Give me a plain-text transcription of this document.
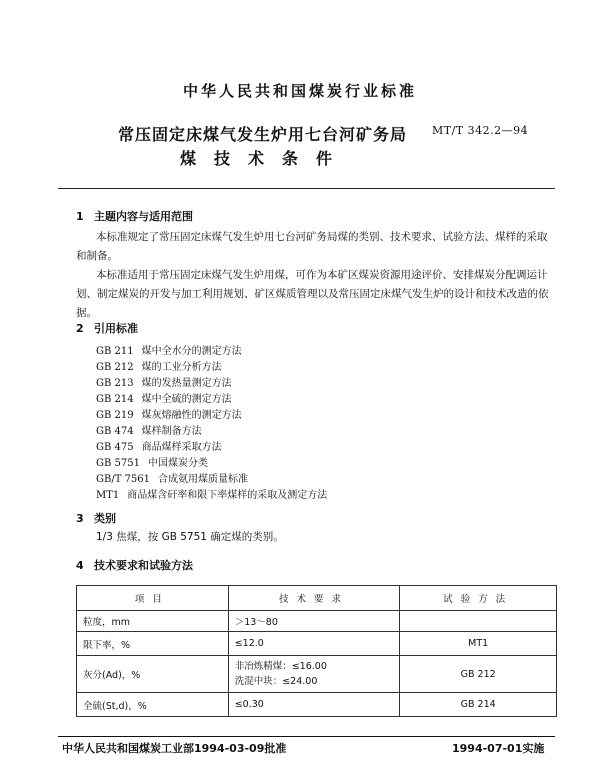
中华人民共和国煤炭行业标准
常压固定床煤气发生炉用七台河矿务局
煤技术条件
MT/T 342.2—94
1 主题内容与适用范围
本标准规定了常压固定床煤气发生炉用七台河矿务局煤的类别、技术要求、试验方法、煤样的采取和制备。
本标准适用于常压固定床煤气发生炉用煤，可作为本矿区煤炭资源用途评价、安排煤炭分配调运计划、制定煤炭的开发与加工利用规划、矿区煤质管理以及常压固定床煤气发生炉的设计和技术改造的依据。
2 引用标准
GB 211 煤中全水分的测定方法
GB 212 煤的工业分析方法
GB 213 煤的发热量测定方法
GB 214 煤中全硫的测定方法
GB 219 煤灰熔融性的测定方法
GB 474 煤样制备方法
GB 475 商品煤样采取方法
GB 5751 中国煤炭分类
GB/T 7561 合成氨用煤质量标准
MT1 商品煤含矸率和限下率煤样的采取及测定方法
3 类别
1/3 焦煤，按 GB 5751 确定煤的类别。
4 技术要求和试验方法
项目	技术要求	试验方法
粒度，mm	＞13～80	
限下率，%	≤12.0	MT1
灰分(Ad)，%	非冶炼精煤：≤16.00
洗混中块：≤24.00	GB 212
全硫(St,d)，%	≤0.30	GB 214
中华人民共和国煤炭工业部1994-03-09批准	1994-07-01实施
